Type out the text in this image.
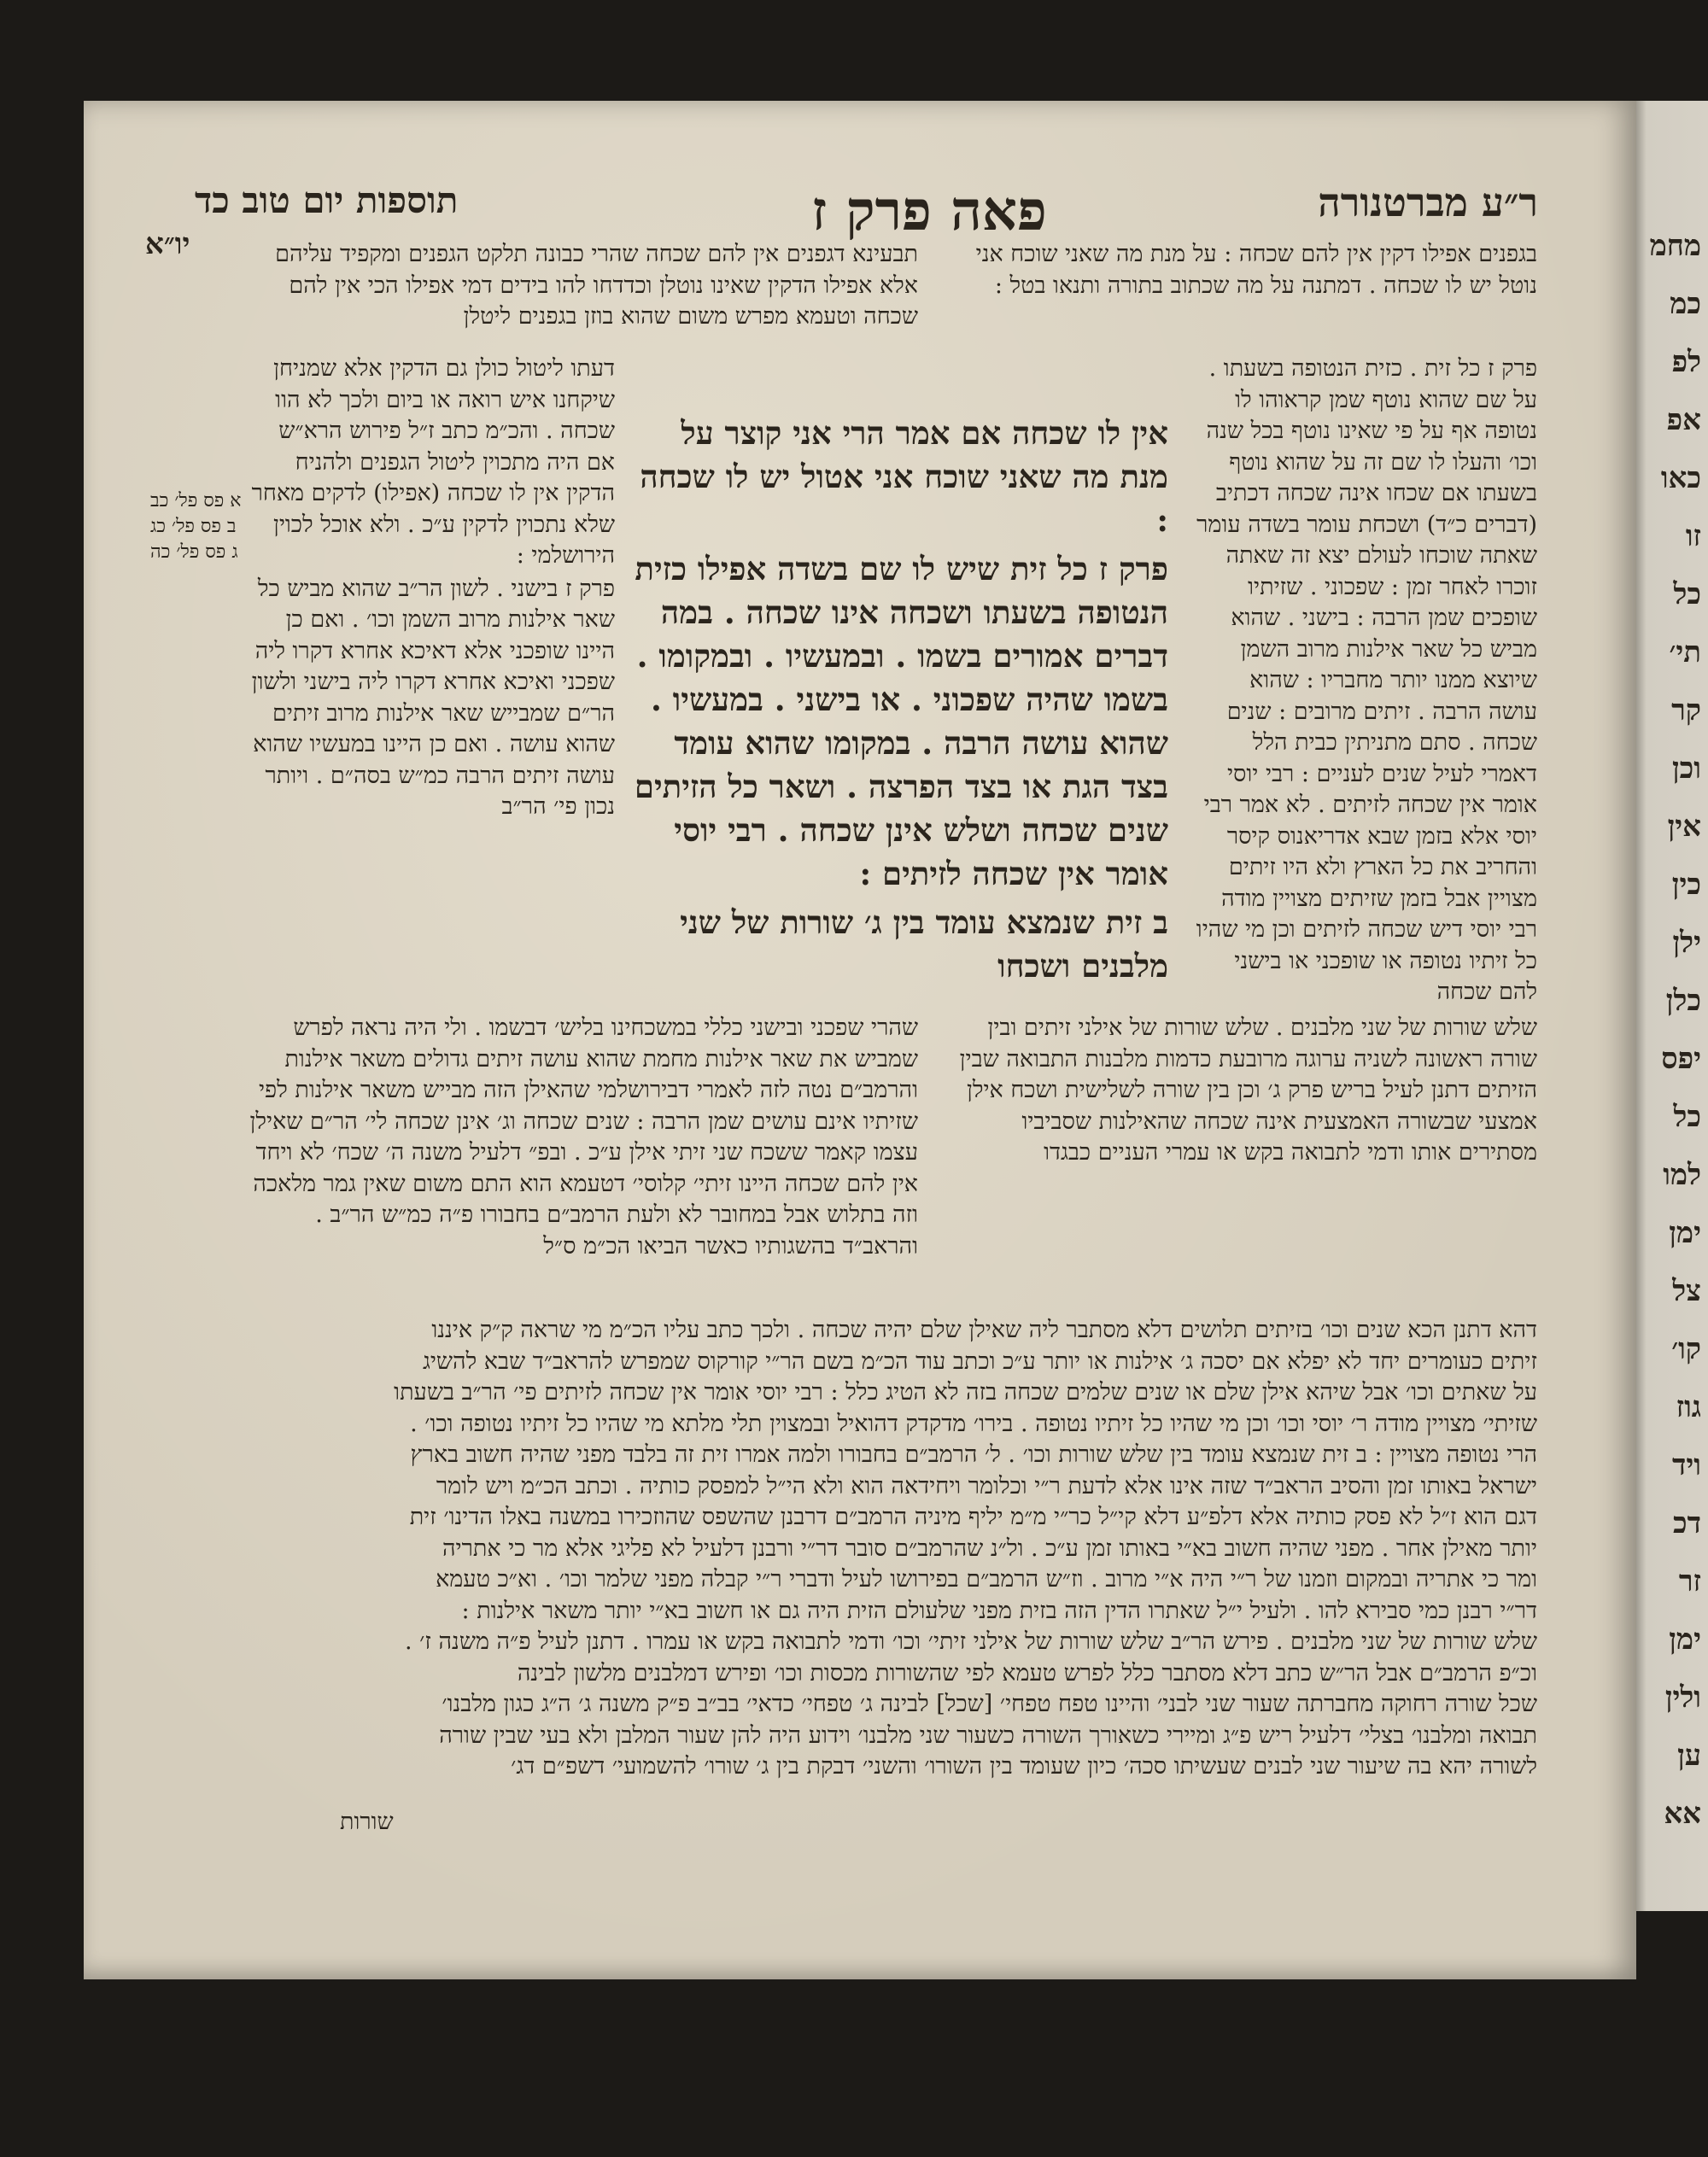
מחמ
כמ
לפ
אפ
כאו
זו
כל
תי׳
קר
וכן
אין
כין
ילן
כלן
יפס
כל
למו
ימן
צל
קו׳
גוז
ויד
דכ
זר
ימן
ולין
ען
אא
ר״ע מברטנורה
פאה פרק ז
תוספות יום טוב כד
יו״א
א פס פל׳ כב
ב פס פל׳ כג
ג פס פל׳ כה
בגפנים אפילו דקין אין להם שכחה : על מנת מה שאני שוכח אני נוטל יש לו שכחה . דמתנה על מה שכתוב בתורה ותנאו בטל :
תבעינא דגפנים אין להם שכחה שהרי כבונה תלקט הגפנים ומקפיד עליהם אלא אפילו הדקין שאינו נוטלן וכדדחו להו בידים דמי אפילו הכי אין להם שכחה וטעמא מפרש משום שהוא בוזן בגפנים ליטלן

פרק ז כל זית . כזית הנטופה בשעתו . על שם שהוא נוטף שמן קראוהו לו נטופה אף על פי שאינו נוטף בכל שנה וכו׳ והעלו לו שם זה על שהוא נוטף בשעתו אם שכחו אינה שכחה דכתיב (דברים כ״ד) ושכחת עומר בשדה עומר שאתה שוכחו לעולם יצא זה שאתה זוכרו לאחר זמן : שפכוני . שזיתיו שופכים שמן הרבה : בישני . שהוא מביש כל שאר אילנות מרוב השמן שיוצא ממנו יותר מחבריו : שהוא עושה הרבה . זיתים מרובים : שנים שכחה . סתם מתניתין כבית הלל דאמרי לעיל שנים לעניים : רבי יוסי אומר אין שכחה לזיתים . לא אמר רבי יוסי אלא בזמן שבא אדריאנוס קיסר והחריב את כל הארץ ולא היו זיתים מצויין אבל בזמן שזיתים מצויין מודה רבי יוסי דיש שכחה לזיתים וכן מי שהיו כל זיתיו נטופה או שופכני או בישני להם שכחה

אין לו שכחה אם אמר הרי אני קוצר על מנת מה שאני שוכח אני אטול יש לו שכחה :

פרק ז כל זית שיש לו שם בשדה אפילו כזית הנטופה בשעתו ושכחה אינו שכחה . במה דברים אמורים בשמו . ובמעשיו . ובמקומו . בשמו שהיה שפכוני . או בישני . במעשיו . שהוא עושה הרבה . במקומו שהוא עומד בצד הגת או בצד הפרצה . ושאר כל הזיתים שנים שכחה ושלש אינן שכחה . רבי יוסי אומר אין שכחה לזיתים :

ב זית שנמצא עומד בין ג׳ שורות של שני מלבנים ושכחו

דעתו ליטול כולן גם הדקין אלא שמניחן שיקחנו איש רואה או ביום ולכך לא הוו שכחה . והכ״מ כתב ז״ל פירוש הרא״ש אם היה מתכוין ליטול הגפנים ולהניח הדקין אין לו שכחה (אפילו) לדקים מאחר שלא נתכוין לדקין ע״כ . ולא אוכל לכוין הירושלמי :

פרק ז בישני . לשון הר״ב שהוא מביש כל שאר אילנות מרוב השמן וכו׳ . ואם כן היינו שופכני אלא דאיכא אחרא דקרו ליה שפכני ואיכא אחרא דקרו ליה בישני ולשון הר״ם שמבייש שאר אילנות מרוב זיתים שהוא עושה . ואם כן היינו במעשיו שהוא עושה זיתים הרבה כמ״ש בסה״ם . ויותר נכון פי׳ הר״ב

שלש שורות של שני מלבנים . שלש שורות של אילני זיתים ובין שורה ראשונה לשניה ערוגה מרובעת כדמות מלבנות התבואה שבין הזיתים דתנן לעיל בריש פרק ג׳ וכן בין שורה לשלישית ושכח אילן אמצעי שבשורה האמצעית אינה שכחה שהאילנות שסביביו מסתירים אותו ודמי לתבואה בקש או עמרי העניים כבגדו
שהרי שפכני ובישני כללי במשכחינו בליש׳ דבשמו . ולי היה נראה לפרש שמביש את שאר אילנות מחמת שהוא עושה זיתים גדולים משאר אילנות והרמב״ם נטה לזה לאמרי דבירושלמי שהאילן הזה מבייש משאר אילנות לפי שזיתיו אינם עושים שמן הרבה : שנים שכחה וג׳ אינן שכחה לי׳ הר״ם שאילן עצמו קאמר ששכח שני זיתי אילן ע״כ . ובפ״ דלעיל משנה ה׳ שכח׳ לא ויחד אין להם שכחה היינו זיתי׳ קלוסי׳ דטעמא הוא התם משום שאין גמר מלאכה וזה בתלוש אבל במחובר לא ולעת הרמב״ם בחבורו פ״ה כמ״ש הר״ב . והראב״ד בהשגותיו כאשר הביאו הכ״מ ס״ל
דהא דתנן הכא שנים וכו׳ בזיתים תלושים דלא מסתבר ליה שאילן שלם יהיה שכחה . ולכך כתב עליו הכ״מ מי שראה ק״ק איננו
זיתים כעומרים יחד לא יפלא אם יסכה ג׳ אילנות או יותר ע״כ וכתב עוד הכ״מ בשם הר״י קורקוס שמפרש להראב״ד שבא להשיג
על שאתים וכו׳ אבל שיהא אילן שלם או שנים שלמים שכחה בזה לא הטיג כלל : רבי יוסי אומר אין שכחה לזיתים פי׳ הר״ב בשעתו
שזיתי׳ מצויין מודה ר׳ יוסי וכו׳ וכן מי שהיו כל זיתיו נטופה . בירו׳ מדקדק דהואיל ובמצוין תלי מלתא מי שהיו כל זיתיו נטופה וכו׳ .
הרי נטופה מצויין : ב זית שנמצא עומד בין שלש שורות וכו׳ . ל׳ הרמב״ם בחבורו ולמה אמרו זית זה בלבד מפני שהיה חשוב בארץ
ישראל באותו זמן והסיב הראב״ד שזה אינו אלא לדעת ר״י וכלומר ויחידאה הוא ולא הי״ל למפסק כותיה . וכתב הכ״מ ויש לומר
דגם הוא ז״ל לא פסק כותיה אלא דלפ״ע דלא קי״ל כר״י מ״מ יליף מיניה הרמב״ם דרבנן שהשפס שהוזכירו במשנה באלו הדינו׳ זית
יותר מאילן אחר . מפני שהיה חשוב בא״י באותו זמן ע״כ . ול״נ שהרמב״ם סובר דר״י ורבנן דלעיל לא פליגי אלא מר כי אתריה
ומר כי אתריה ובמקום וזמנו של ר״י היה א״י מרוב . וז״ש הרמב״ם בפירושו לעיל ודברי ר״י קבלה מפני שלמר וכו׳ . וא״כ טעמא
דר״י רבנן כמי סבירא להו . ולעיל י״ל שאתרו הדין הזה בזית מפני שלעולם הזית היה גם או חשוב בא״י יותר משאר אילנות :
שלש שורות של שני מלבנים . פירש הר״ב שלש שורות של אילני זיתי׳ וכו׳ ודמי לתבואה בקש או עמרו . דתנן לעיל פ״ה משנה ז׳ .
וכ״פ הרמב״ם אבל הר״ש כתב דלא מסתבר כלל לפרש טעמא לפי שהשורות מכסות וכו׳ ופירש דמלבנים מלשון לבינה
שכל שורה רחוקה מחברתה שעור שני לבני׳ והיינו טפח טפחי׳ [שכל] לבינה ג׳ טפחי׳ כדאי׳ בב״ב פ״ק משנה ג׳ ה״ג כגון מלבנו׳
תבואה ומלבנו׳ בצלי׳ דלעיל ריש פ״ג ומיירי כשאורך השורה כשעור שני מלבנו׳ וידוע היה להן שעור המלבן ולא בעי שבין שורה
לשורה יהא בה שיעור שני לבנים שעשיתו סכה׳ כיון שעומד בין השורו׳ והשני׳ דבקת בין ג׳ שורו׳ להשמועי׳ דשפ״ם דג׳
שורות
